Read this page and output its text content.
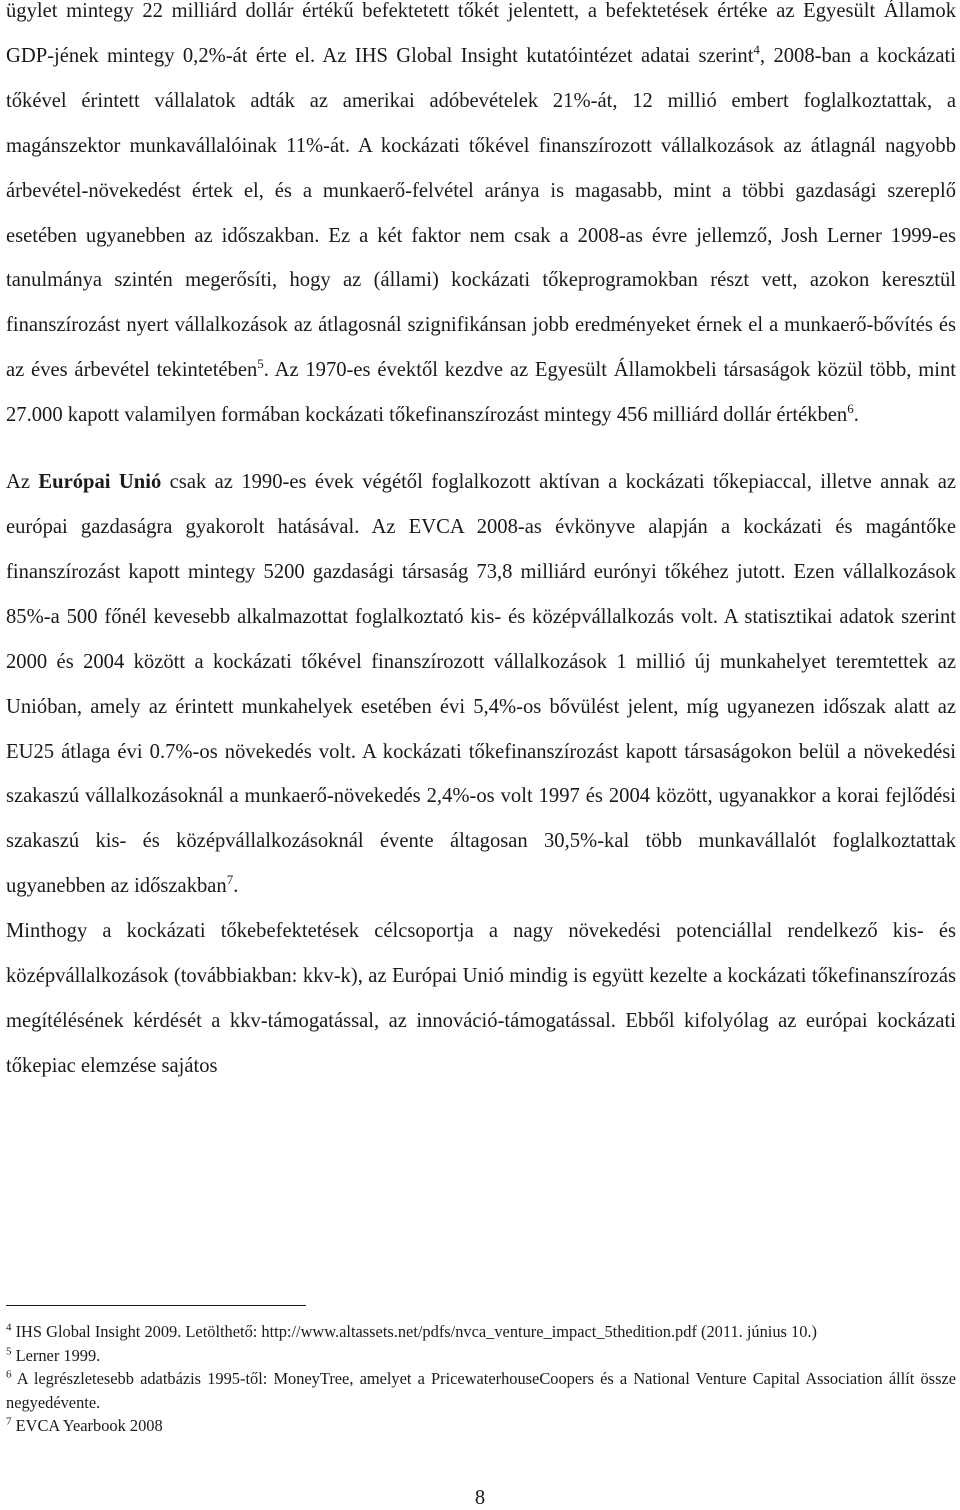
ügylet mintegy 22 milliárd dollár értékű befektetett tőkét jelentett, a befektetések értéke az Egyesült Államok GDP-jének mintegy 0,2%-át érte el. Az IHS Global Insight kutatóintézet adatai szerint$^4$, 2008-ban a kockázati tőkével érintett vállalatok adták az amerikai adóbevételek 21%-át, 12 millió embert foglalkoztattak, a magánszektor munkavállalóinak 11%-át. A kockázati tőkével finanszírozott vállalkozások az átlagnál nagyobb árbevétel-növekedést értek el, és a munkaerő-felvétel aránya is magasabb, mint a többi gazdasági szereplő esetében ugyanebben az időszakban. Ez a két faktor nem csak a 2008-as évre jellemző, Josh Lerner 1999-es tanulmánya szintén megerősíti, hogy az (állami) kockázati tőkeprogramokban részt vett, azokon keresztül finanszírozást nyert vállalkozások az átlagosnál szignifikánsan jobb eredményeket érnek el a munkaerő-bővítés és az éves árbevétel tekintetében$^5$. Az 1970-es évektől kezdve az Egyesült Államokbeli társaságok közül több, mint 27.000 kapott valamilyen formában kockázati tőkefinanszírozást mintegy 456 milliárd dollár értékben$^6$.

Az Európai Unió csak az 1990-es évek végétől foglalkozott aktívan a kockázati tőkepiaccal, illetve annak az európai gazdaságra gyakorolt hatásával. Az EVCA 2008-as évkönyve alapján a kockázati és magántőke finanszírozást kapott mintegy 5200 gazdasági társaság 73,8 milliárd eurónyi tőkéhez jutott. Ezen vállalkozások 85%-a 500 főnél kevesebb alkalmazottat foglalkoztató kis- és középvállalkozás volt. A statisztikai adatok szerint 2000 és 2004 között a kockázati tőkével finanszírozott vállalkozások 1 millió új munkahelyet teremtettek az Unióban, amely az érintett munkahelyek esetében évi 5,4%-os bővülést jelent, míg ugyanezen időszak alatt az EU25 átlaga évi 0.7%-os növekedés volt. A kockázati tőkefinanszírozást kapott társaságokon belül a növekedési szakaszú vállalkozásoknál a munkaerő-növekedés 2,4%-os volt 1997 és 2004 között, ugyanakkor a korai fejlődési szakaszú kis- és középvállalkozásoknál évente áltagosan 30,5%-kal több munkavállalót foglalkoztattak ugyanebben az időszakban$^7$.

Minthogy a kockázati tőkebefektetések célcsoportja a nagy növekedési potenciállal rendelkező kis- és középvállalkozások (továbbiakban: kkv-k), az Európai Unió mindig is együtt kezelte a kockázati tőkefinanszírozás megítélésének kérdését a kkv-támogatással, az innováció-támogatással. Ebből kifolyólag az európai kockázati tőkepiac elemzése sajátos

$^4$ IHS Global Insight 2009. Letölthető: http://www.altassets.net/pdfs/nvca_venture_impact_5thedition.pdf (2011. június 10.)

$^5$ Lerner 1999.

$^6$ A legrészletesebb adatbázis 1995-től: MoneyTree, amelyet a PricewaterhouseCoopers és a National Venture Capital Association állít össze negyedévente.

$^7$ EVCA Yearbook 2008

8
